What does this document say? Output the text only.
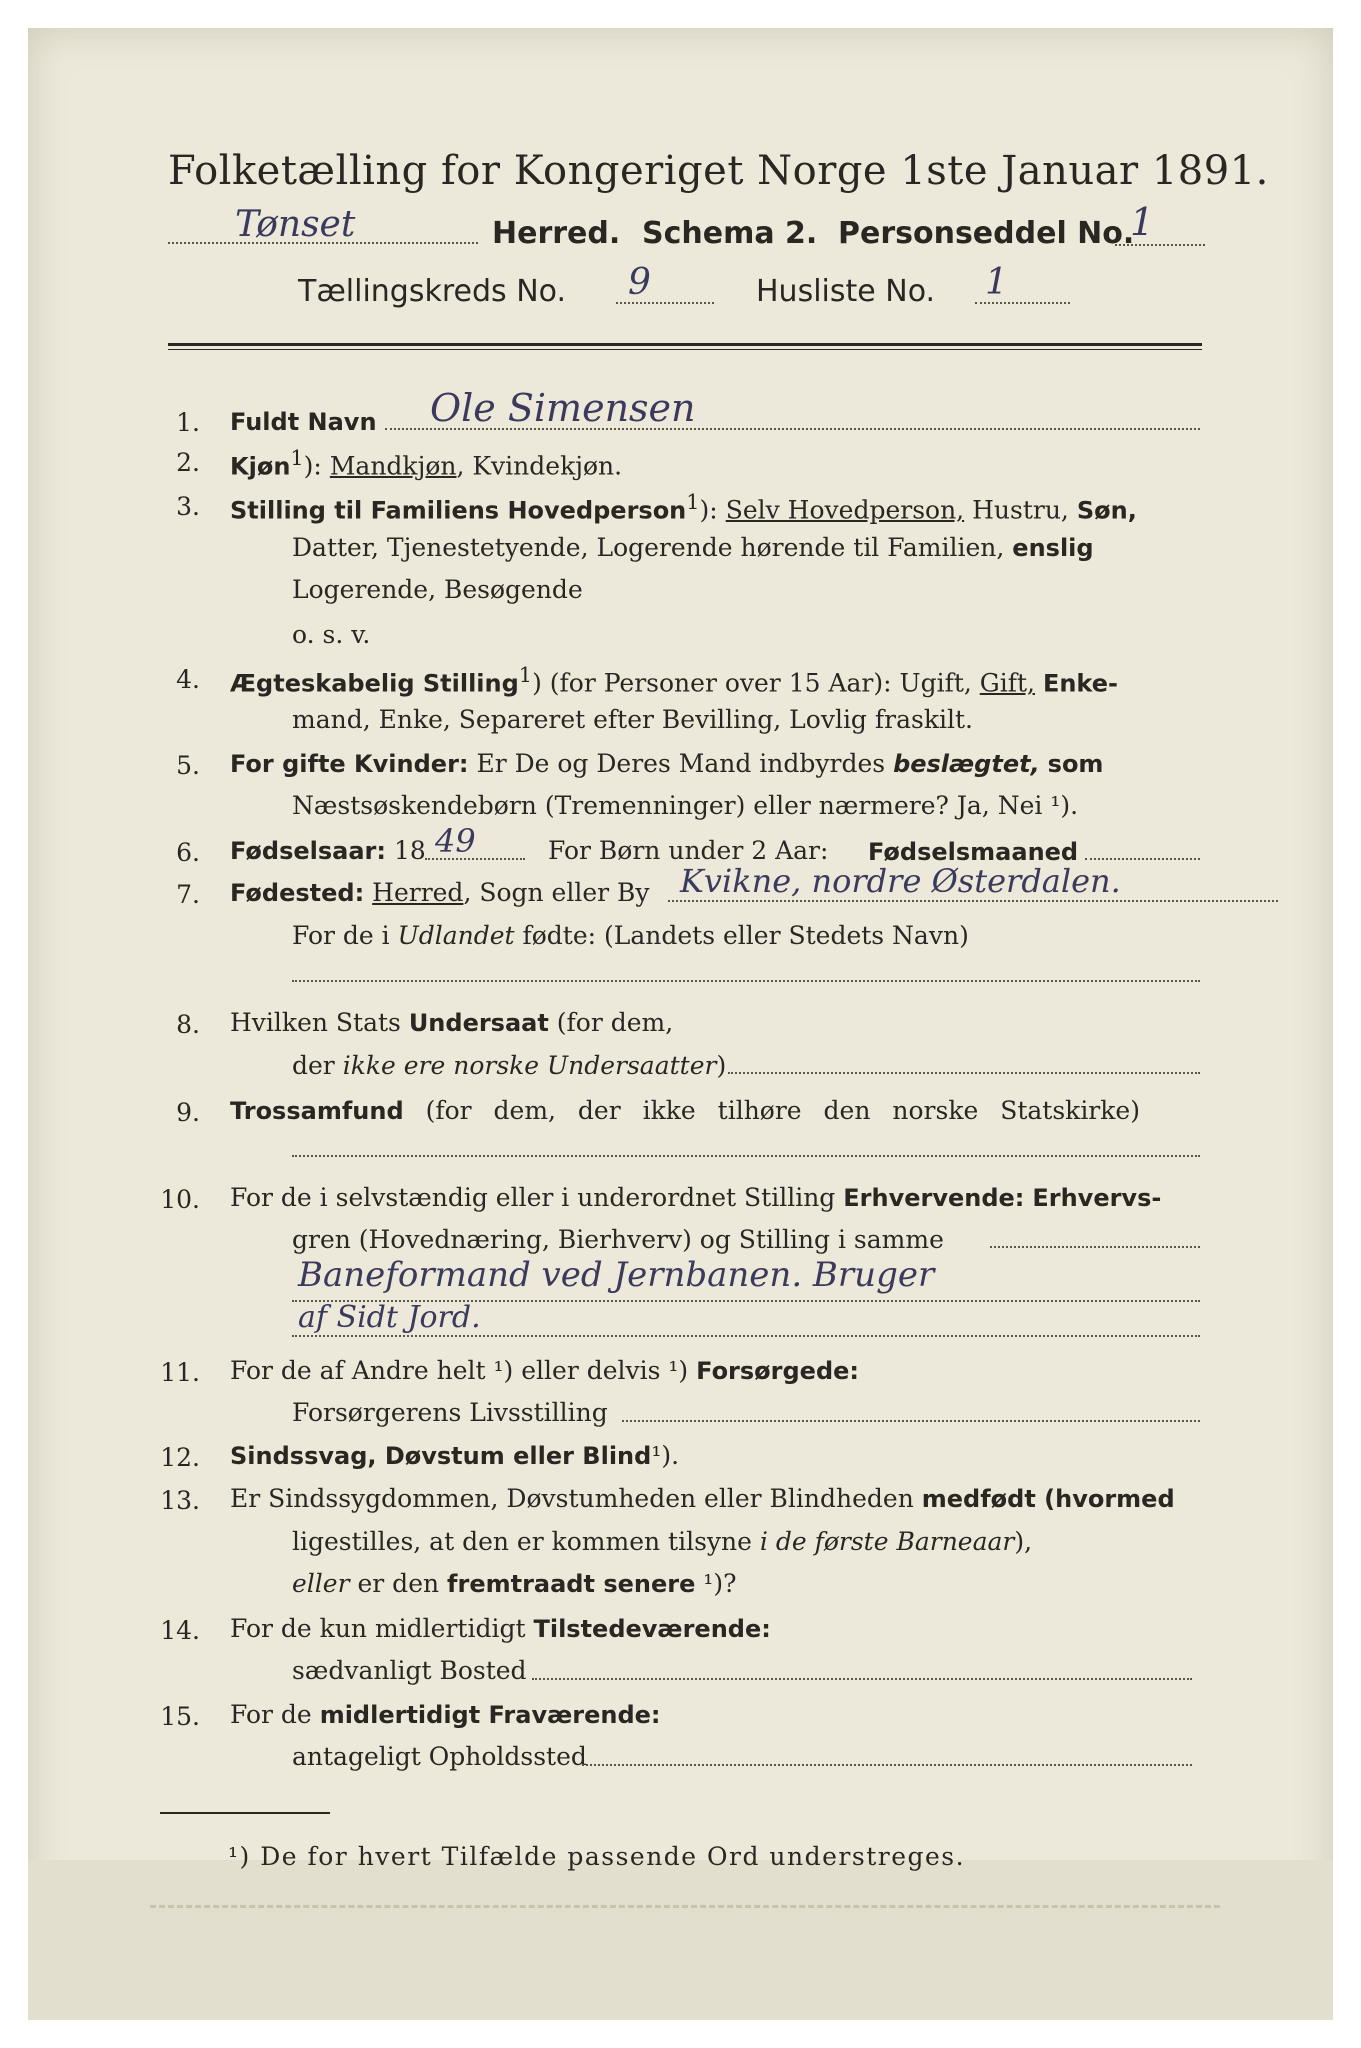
Folketælling for Kongeriget Norge 1ste Januar 1891.
Tønset	Herred. Schema 2. Personseddel No.
1
Tællingskreds No. 9	Husliste No. 1
1. Fuldt Navn Ole Simensen
2. Kjøn$^1$): Mandkjøn, Kvindekjøn.
3. Stilling til Familiens Hovedperson$^1$): Selv Hovedperson, Hustru, Søn,
Datter, Tjenestetyende, Logerende hørende til Familien, enslig
Logerende, Besøgende
o. s. v.
4. Ægteskabelig Stilling$^1$) (for Personer over 15 Aar): Ugift, Gift, Enke-
mand, Enke, Separeret efter Bevilling, Lovlig fraskilt.
5. For gifte Kvinder: Er De og Deres Mand indbyrdes beslægtet, som
Næstsøskendebørn (Tremenninger) eller nærmere? Ja, Nei ¹).
6. Fødselsaar: 18 49	For Børn under 2 Aar: Fødselsmaaned
7. Fødested: Herred, Sogn eller By Kvikne, nordre Østerdalen.
For de i Udlandet fødte: (Landets eller Stedets Navn)
8. Hvilken Stats Undersaat (for dem,
der ikke ere norske Undersaatter)
9. Trossamfund (for dem, der ikke tilhøre den norske Statskirke)
10. For de i selvstændig eller i underordnet Stilling Erhvervende: Erhvervs-
gren (Hovednæring, Bierhverv) og Stilling i samme
Baneformand ved Jernbanen. Bruger
af Sidt Jord.
11. For de af Andre helt ¹) eller delvis ¹) Forsørgede:
Forsørgerens Livsstilling
12. Sindssvag, Døvstum eller Blind¹).
13. Er Sindssygdommen, Døvstumheden eller Blindheden medfødt (hvormed
ligestilles, at den er kommen tilsyne i de første Barneaar),
eller er den fremtraadt senere ¹)?
14. For de kun midlertidigt Tilstedeværende:
sædvanligt Bosted
15. For de midlertidigt Fraværende:
antageligt Opholdssted
¹) De for hvert Tilfælde passende Ord understreges.
